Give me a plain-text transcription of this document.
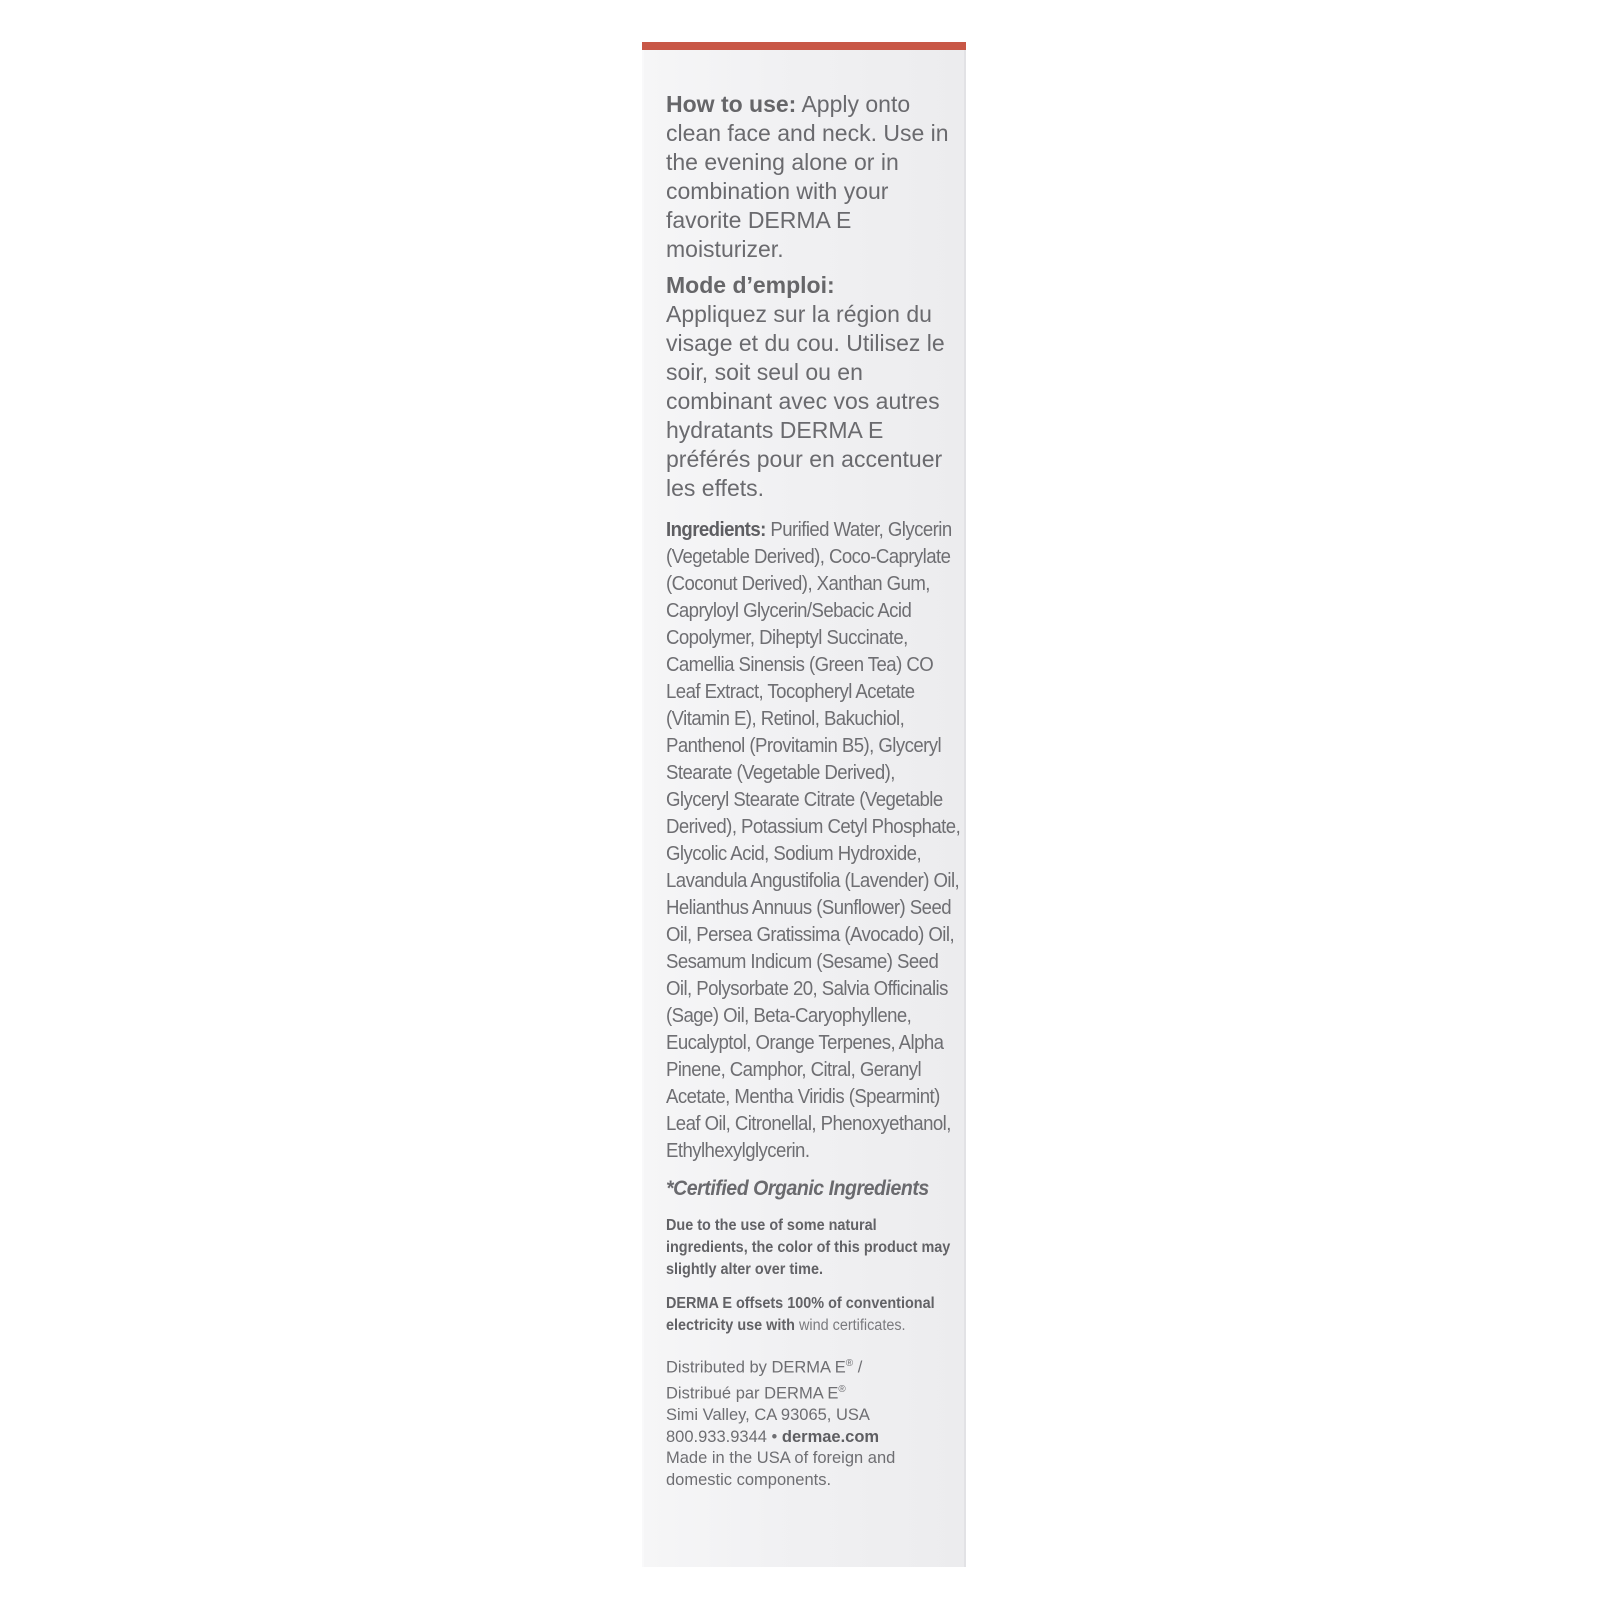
How to use: Apply onto clean face and neck. Use in the evening alone or in combination with your favorite DERMA E moisturizer.

Mode d’emploi:
Appliquez sur la région du visage et du cou. Utilisez le soir, soit seul ou en combinant avec vos autres hydratants DERMA E préférés pour en accentuer les effets.

Ingredients: Purified Water, Glycerin (Vegetable Derived), Coco-Caprylate (Coconut Derived), Xanthan Gum, Capryloyl Glycerin/Sebacic Acid Copolymer, Diheptyl Succinate, Camellia Sinensis (Green Tea) CO Leaf Extract, Tocopheryl Acetate (Vitamin E), Retinol, Bakuchiol, Panthenol (Provitamin B5), Glyceryl Stearate (Vegetable Derived), Glyceryl Stearate Citrate (Vegetable Derived), Potassium Cetyl Phosphate, Glycolic Acid, Sodium Hydroxide, Lavandula Angustifolia (Lavender) Oil, Helianthus Annuus (Sunflower) Seed Oil, Persea Gratissima (Avocado) Oil, Sesamum Indicum (Sesame) Seed Oil, Polysorbate 20, Salvia Officinalis (Sage) Oil, Beta-Caryophyllene, Eucalyptol, Orange Terpenes, Alpha Pinene, Camphor, Citral, Geranyl Acetate, Mentha Viridis (Spearmint) Leaf Oil, Citronellal, Phenoxyethanol, Ethylhexylglycerin.
*Certified Organic Ingredients
Due to the use of some natural ingredients, the color of this product may slightly alter over time.
DERMA E offsets 100% of conventional electricity use with wind certificates.
Distributed by DERMA E® /
Distribué par DERMA E®
Simi Valley, CA 93065, USA
800.933.9344 • dermae.com
Made in the USA of foreign and domestic components.
